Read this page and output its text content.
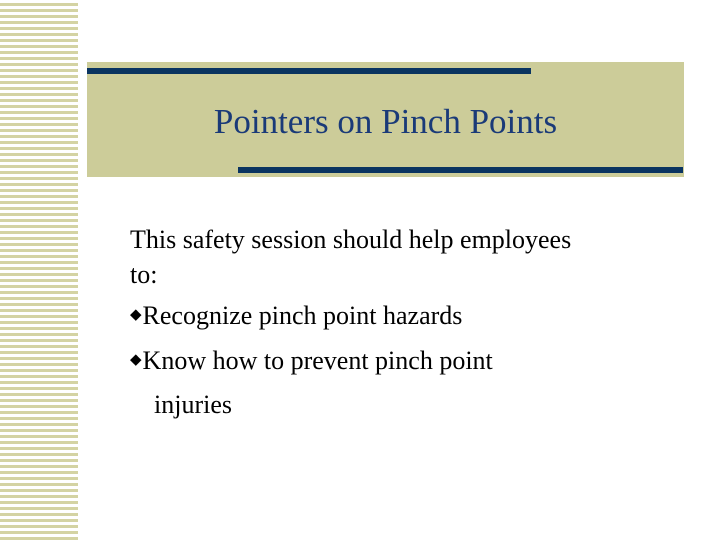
Pointers on Pinch Points

This safety session should help employees to:

◆Recognize pinch point hazards

◆Know how to prevent pinch point

injuries
